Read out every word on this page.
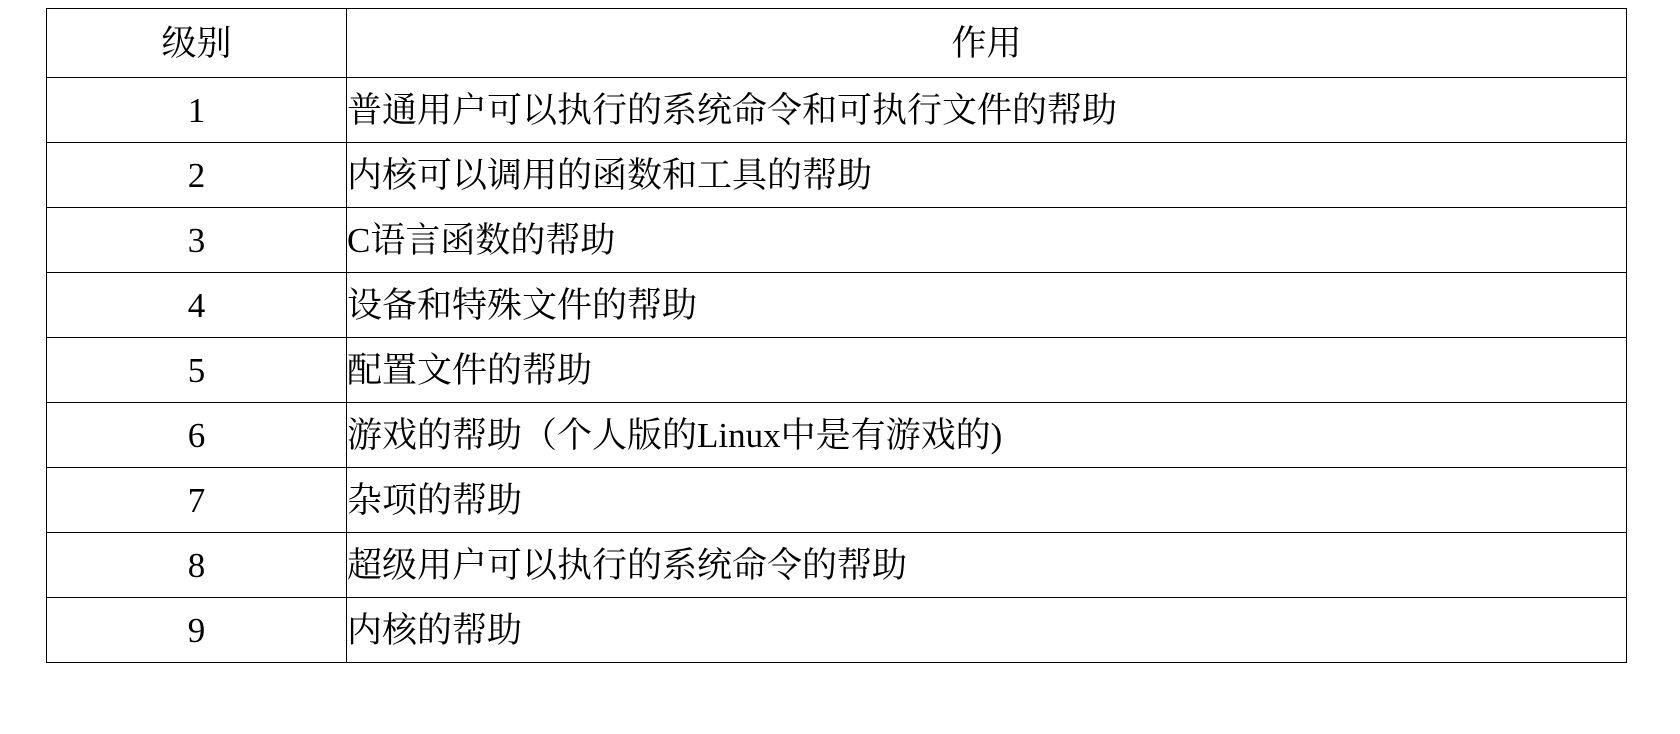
级别	作用
1	普通用户可以执行的系统命令和可执行文件的帮助
2	内核可以调用的函数和工具的帮助
3	C语言函数的帮助
4	设备和特殊文件的帮助
5	配置文件的帮助
6	游戏的帮助（个人版的Linux中是有游戏的)
7	杂项的帮助
8	超级用户可以执行的系统命令的帮助
9	内核的帮助
